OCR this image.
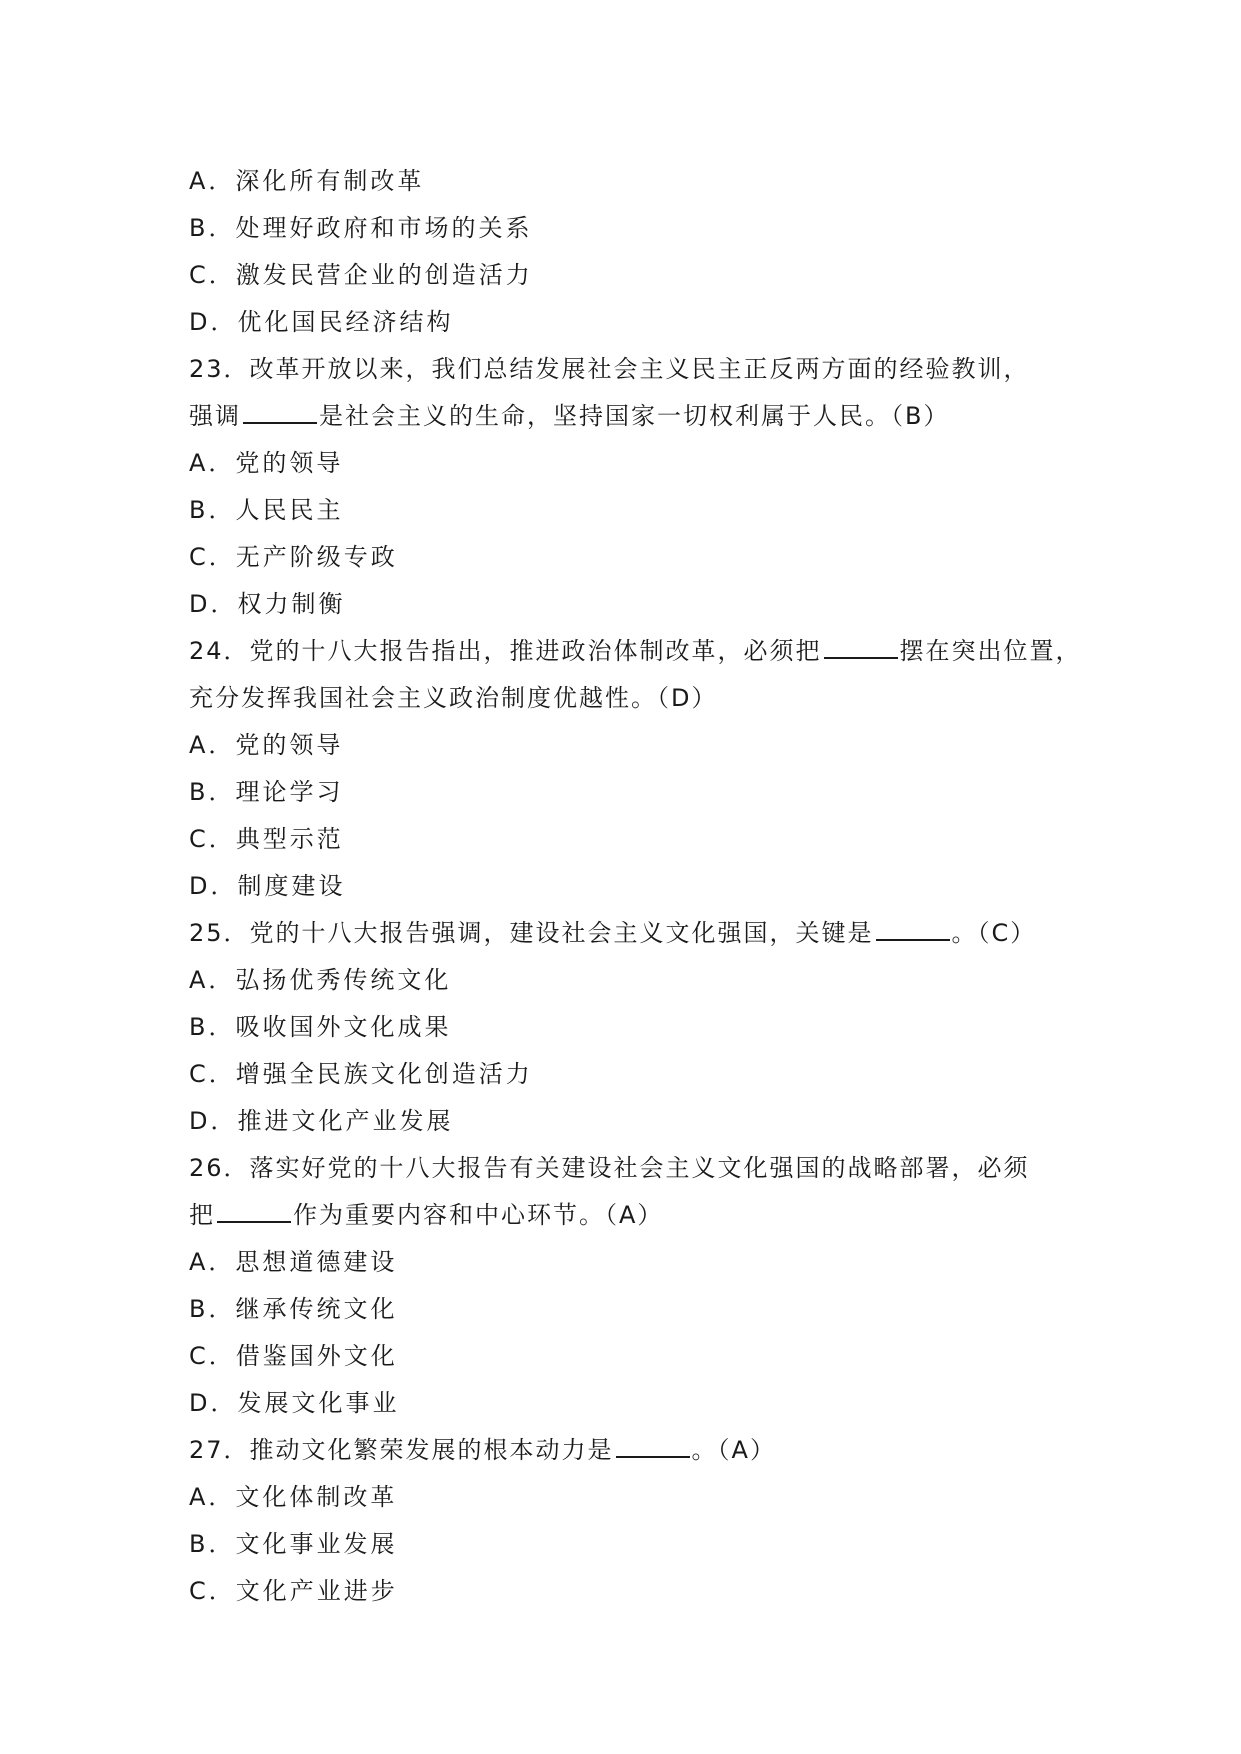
A．深化所有制改革
B．处理好政府和市场的关系
C．激发民营企业的创造活力
D．优化国民经济结构
23．改革开放以来，我们总结发展社会主义民主正反两方面的经验教训，
强调	是社会主义的生命，坚持国家一切权利属于人民。（B）
A．党的领导
B．人民民主
C．无产阶级专政
D．权力制衡
24．党的十八大报告指出，推进政治体制改革，必须把	摆在突出位置，
充分发挥我国社会主义政治制度优越性。（D）
A．党的领导
B．理论学习
C．典型示范
D．制度建设
25．党的十八大报告强调，建设社会主义文化强国，关键是	。（C）
A．弘扬优秀传统文化
B．吸收国外文化成果
C．增强全民族文化创造活力
D．推进文化产业发展
26．落实好党的十八大报告有关建设社会主义文化强国的战略部署，必须
把	作为重要内容和中心环节。（A）
A．思想道德建设
B．继承传统文化
C．借鉴国外文化
D．发展文化事业
27．推动文化繁荣发展的根本动力是	。（A）
A．文化体制改革
B．文化事业发展
C．文化产业进步
